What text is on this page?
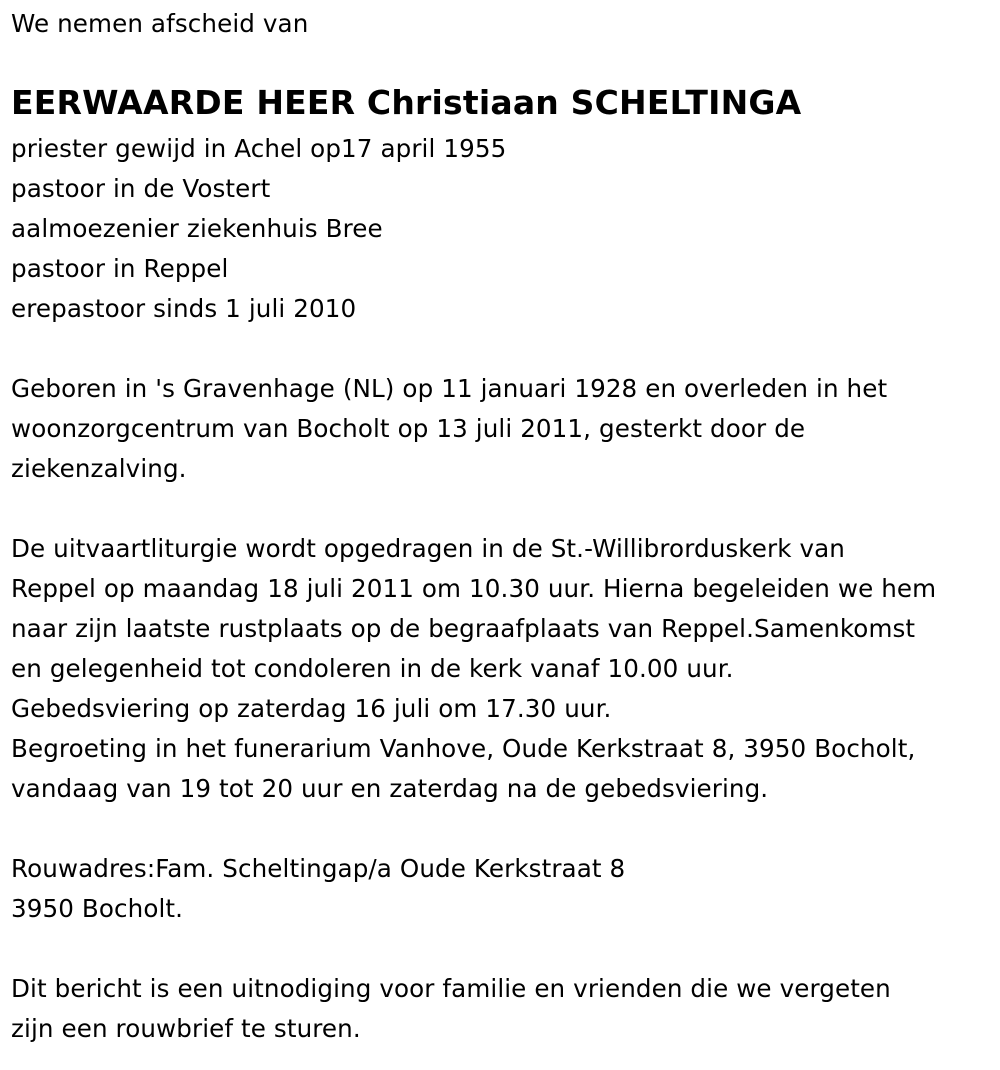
We nemen afscheid van
EERWAARDE HEER Christiaan SCHELTINGA
priester gewijd in Achel op17 april 1955
pastoor in de Vostert
aalmoezenier ziekenhuis Bree
pastoor in Reppel
erepastoor sinds 1 juli 2010
Geboren in 's Gravenhage (NL) op 11 januari 1928 en overleden in het
woonzorgcentrum van Bocholt op 13 juli 2011, gesterkt door de
ziekenzalving.
De uitvaartliturgie wordt opgedragen in de St.-Willibrorduskerk van
Reppel op maandag 18 juli 2011 om 10.30 uur. Hierna begeleiden we hem
naar zijn laatste rustplaats op de begraafplaats van Reppel.Samenkomst
en gelegenheid tot condoleren in de kerk vanaf 10.00 uur.
Gebedsviering op zaterdag 16 juli om 17.30 uur.
Begroeting in het funerarium Vanhove, Oude Kerkstraat 8, 3950 Bocholt,
vandaag van 19 tot 20 uur en zaterdag na de gebedsviering.
Rouwadres:Fam. Scheltingap/a Oude Kerkstraat 8
3950 Bocholt.
Dit bericht is een uitnodiging voor familie en vrienden die we vergeten
zijn een rouwbrief te sturen.
